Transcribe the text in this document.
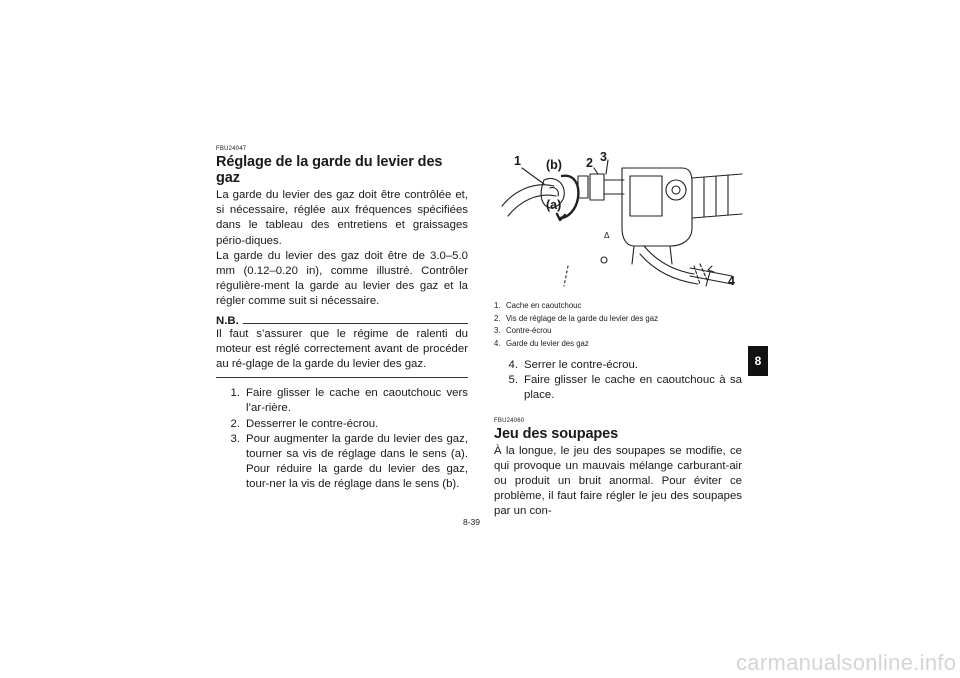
FBU24047
Réglage de la garde du levier des gaz

La garde du levier des gaz doit être contrôlée et, si nécessaire, réglée aux fréquences spécifiées dans le tableau des entretiens et graissages pério-diques.
La garde du levier des gaz doit être de 3.0–5.0 mm (0.12–0.20 in), comme illustré. Contrôler régulière-ment la garde au levier des gaz et la régler comme suit si nécessaire.

N.B.

Il faut s’assurer que le régime de ralenti du moteur est réglé correctement avant de procéder au ré-glage de la garde du levier des gaz.

1. Faire glisser le cache en caoutchouc vers l’ar-rière.
2. Desserrer le contre-écrou.
3. Pour augmenter la garde du levier des gaz, tourner sa vis de réglage dans le sens (a). Pour réduire la garde du levier des gaz, tour-ner la vis de réglage dans le sens (b).
Δ
1 (b) 2 3
(a)
4
1. Cache en caoutchouc
2. Vis de réglage de la garde du levier des gaz
3. Contre-écrou
4. Garde du levier des gaz
4. Serrer le contre-écrou.
5. Faire glisser le cache en caoutchouc à sa place.
FBU24060
Jeu des soupapes

À la longue, le jeu des soupapes se modifie, ce qui provoque un mauvais mélange carburant-air ou produit un bruit anormal. Pour éviter ce problème, il faut faire régler le jeu des soupapes par un con-

8
8-39
carmanualsonline.info
